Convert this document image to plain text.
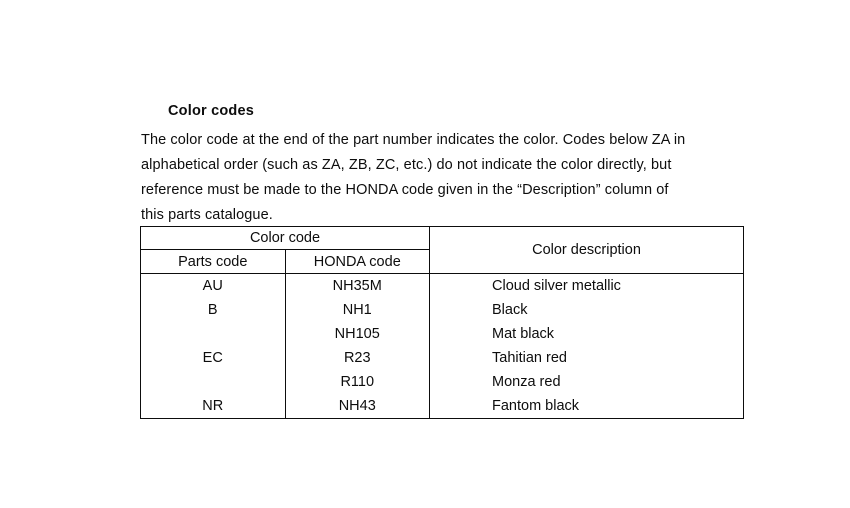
Color codes
The color code at the end of the part number indicates the color. Codes below ZA in
alphabetical order (such as ZA, ZB, ZC, etc.) do not indicate the color directly, but
reference must be made to the HONDA code given in the “Description” column of
this parts catalogue.
Color code		Color description
Parts code	HONDA code	
AU	NH35M	Cloud silver metallic
B	NH1	Black
	NH105	Mat black
EC	R23	Tahitian red
	R110	Monza red
NR	NH43	Fantom black
